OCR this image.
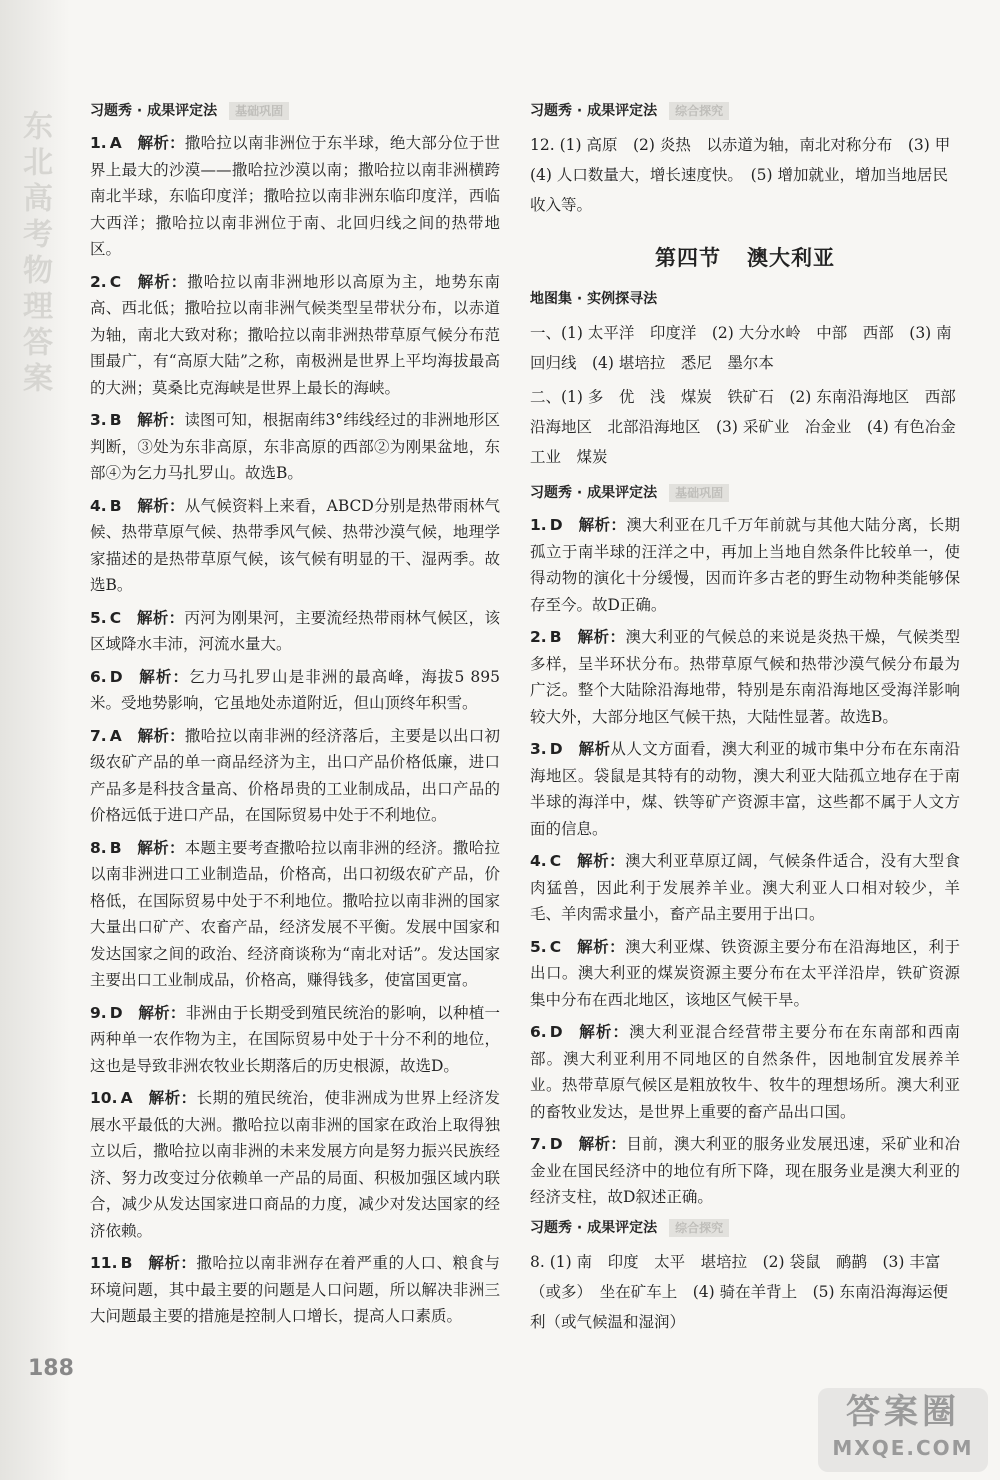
东北高考物理答案	习题秀 · 成果评定法 基础巩固

1.  A  解析：撒哈拉以南非洲位于东半球，绝大部分位于世界上最大的沙漠——撒哈拉沙漠以南；撒哈拉以南非洲横跨南北半球，东临印度洋；撒哈拉以南非洲东临印度洋，西临大西洋；撒哈拉以南非洲位于南、北回归线之间的热带地区。

2.  C  解析：撒哈拉以南非洲地形以高原为主，地势东南高、西北低；撒哈拉以南非洲气候类型呈带状分布，以赤道为轴，南北大致对称；撒哈拉以南非洲热带草原气候分布范围最广，有“高原大陆”之称，南极洲是世界上平均海拔最高的大洲；莫桑比克海峡是世界上最长的海峡。

3.  B  解析：读图可知，根据南纬3°纬线经过的非洲地形区判断，③处为东非高原，东非高原的西部②为刚果盆地，东部④为乞力马扎罗山。故选B。

4.  B  解析：从气候资料上来看，ABCD分别是热带雨林气候、热带草原气候、热带季风气候、热带沙漠气候，地理学家描述的是热带草原气候，该气候有明显的干、湿两季。故选B。

5.  C  解析：丙河为刚果河，主要流经热带雨林气候区，该区域降水丰沛，河流水量大。

6.  D  解析：乞力马扎罗山是非洲的最高峰，海拔5 895米。受地势影响，它虽地处赤道附近，但山顶终年积雪。

7.  A  解析：撒哈拉以南非洲的经济落后，主要是以出口初级农矿产品的单一商品经济为主，出口产品价格低廉，进口产品多是科技含量高、价格昂贵的工业制成品，出口产品的价格远低于进口产品，在国际贸易中处于不利地位。

8.  B  解析：本题主要考查撒哈拉以南非洲的经济。撒哈拉以南非洲进口工业制造品，价格高，出口初级农矿产品，价格低，在国际贸易中处于不利地位。撒哈拉以南非洲的国家大量出口矿产、农畜产品，经济发展不平衡。发展中国家和发达国家之间的政治、经济商谈称为“南北对话”。发达国家主要出口工业制成品，价格高，赚得钱多，使富国更富。

9.  D  解析：非洲由于长期受到殖民统治的影响，以种植一两种单一农作物为主，在国际贸易中处于十分不利的地位，这也是导致非洲农牧业长期落后的历史根源，故选D。

10.  A  解析：长期的殖民统治，使非洲成为世界上经济发展水平最低的大洲。撒哈拉以南非洲的国家在政治上取得独立以后，撒哈拉以南非洲的未来发展方向是努力振兴民族经济、努力改变过分依赖单一产品的局面、积极加强区域内联合，减少从发达国家进口商品的力度，减少对发达国家的经济依赖。

11.  B  解析：撒哈拉以南非洲存在着严重的人口、粮食与环境问题，其中最主要的问题是人口问题，所以解决非洲三大问题最主要的措施是控制人口增长，提高人口素质。

习题秀 · 成果评定法 综合探究
12. (1) 高原　(2) 炎热　以赤道为轴，南北对称分布　(3) 甲　(4) 人口数量大，增长速度快。　(5) 增加就业，增加当地居民收入等。
第四节 澳大利亚
地图集 · 实例探寻法
一、(1) 太平洋　印度洋　(2) 大分水岭　中部　西部　(3) 南回归线　(4) 堪培拉　悉尼　墨尔本
二、(1) 多　优　浅　煤炭　铁矿石　(2) 东南沿海地区　西部沿海地区　北部沿海地区　(3) 采矿业　冶金业　(4) 有色冶金工业　煤炭
习题秀 · 成果评定法 基础巩固

1.  D  解析：澳大利亚在几千万年前就与其他大陆分离，长期孤立于南半球的汪洋之中，再加上当地自然条件比较单一，使得动物的演化十分缓慢，因而许多古老的野生动物种类能够保存至今。故D正确。

2.  B  解析：澳大利亚的气候总的来说是炎热干燥，气候类型多样，呈半环状分布。热带草原气候和热带沙漠气候分布最为广泛。整个大陆除沿海地带，特别是东南沿海地区受海洋影响较大外，大部分地区气候干热，大陆性显著。故选B。

3.  D  解析从人文方面看，澳大利亚的城市集中分布在东南沿海地区。袋鼠是其特有的动物，澳大利亚大陆孤立地存在于南半球的海洋中，煤、铁等矿产资源丰富，这些都不属于人文方面的信息。

4.  C  解析：澳大利亚草原辽阔，气候条件适合，没有大型食肉猛兽，因此利于发展养羊业。澳大利亚人口相对较少，羊毛、羊肉需求量小，畜产品主要用于出口。

5.  C  解析：澳大利亚煤、铁资源主要分布在沿海地区，利于出口。澳大利亚的煤炭资源主要分布在太平洋沿岸，铁矿资源集中分布在西北地区，该地区气候干旱。

6.  D  解析：澳大利亚混合经营带主要分布在东南部和西南部。澳大利亚利用不同地区的自然条件，因地制宜发展养羊业。热带草原气候区是粗放牧牛、牧牛的理想场所。澳大利亚的畜牧业发达，是世界上重要的畜产品出口国。

7.  D  解析：目前，澳大利亚的服务业发展迅速，采矿业和冶金业在国民经济中的地位有所下降，现在服务业是澳大利亚的经济支柱，故D叙述正确。

习题秀 · 成果评定法 综合探究
8. (1) 南　印度　太平　堪培拉　(2) 袋鼠　鸸鹋　(3) 丰富（或多）　坐在矿车上　(4) 骑在羊背上　(5) 东南沿海海运便利（或气候温和湿润）
188
答案圈
MXQE.COM
